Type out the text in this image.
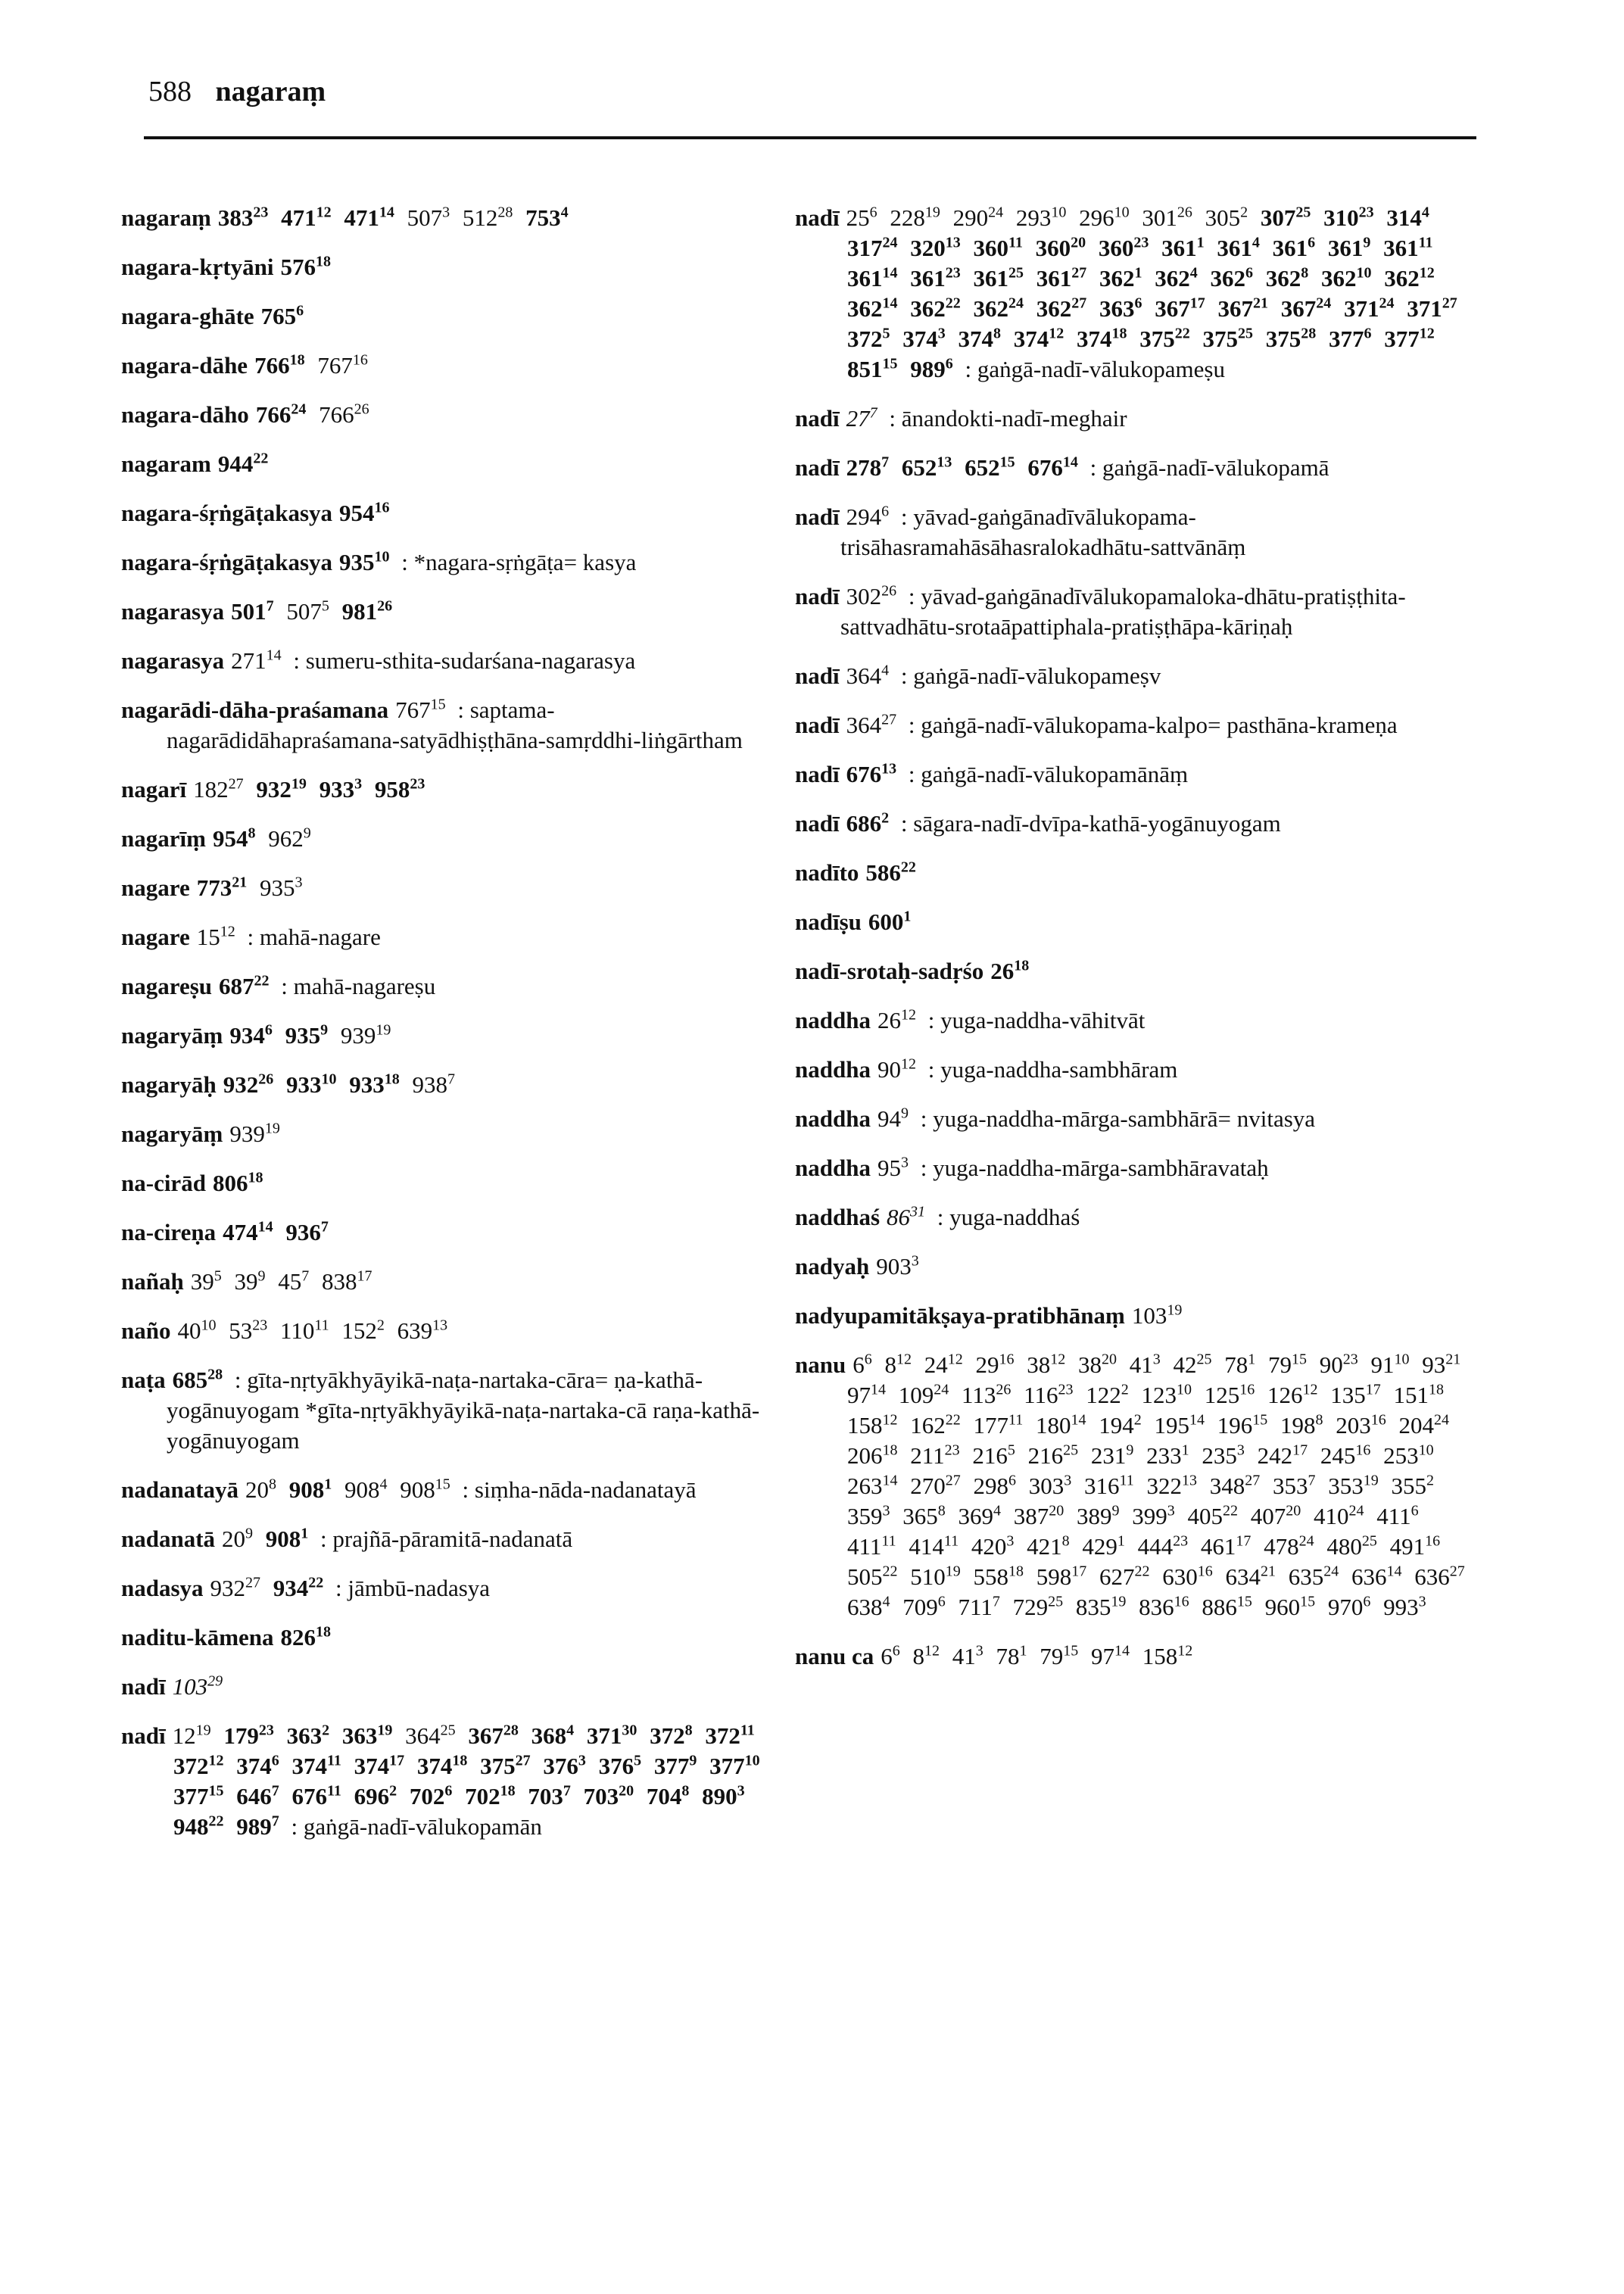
588 nagaraṃ
nagaraṃ $383^{23}$ $471^{12}$ $471^{14}$ $507^3$ $512^{28}$ $753^4$
nagara-kṛtyāni $576^{18}$
nagara-ghāte $765^6$
nagara-dāhe $766^{18}$ $767^{16}$
nagara-dāho $766^{24}$ $766^{26}$
nagaram $944^{22}$
nagara-śṛṅgāṭakasya $954^{16}$
nagara-śṛṅgāṭakasya $935^{10}$ : *nagara-sṛṅgāṭa= kasya
nagarasya $501^7$ $507^5$ $981^{26}$
nagarasya $271^{14}$ : sumeru-sthita-sudarśana-nagarasya
nagarādi-dāha-praśamana $767^{15}$ : saptama-nagarādidāhapraśamana-satyādhiṣṭhāna-samṛddhi-liṅgārtham
nagarī $182^{27}$ $932^{19}$ $933^3$ $958^{23}$
nagarīṃ $954^8$ $962^9$
nagare $773^{21}$ $935^3$
nagare $15^{12}$ : mahā-nagare
nagareṣu $687^{22}$ : mahā-nagareṣu
nagaryāṃ $934^6$ $935^9$ $939^{19}$
nagaryāḥ $932^{26}$ $933^{10}$ $933^{18}$ $938^7$
nagaryāṃ $939^{19}$
na-cirād $806^{18}$
na-cireṇa $474^{14}$ $936^7$
nañaḥ $39^5$ $39^9$ $45^7$ $838^{17}$
naño $40^{10}$ $53^{23}$ $110^{11}$ $152^2$ $639^{13}$
naṭa $685^{28}$ : gīta-nṛtyākhyāyikā-naṭa-nartaka-cāra= ṇa-kathā-yogānuyogam *gīta-nṛtyākhyāyikā-naṭa-nartaka-cā raṇa-kathā-yogānuyogam
nadanatayā $20^8$ $908^1$ $908^4$ $908^{15}$ : siṃha-nāda-nadanatayā
nadanatā $20^9$ $908^1$ : prajñā-pāramitā-nadanatā
nadasya $932^{27}$ $934^{22}$ : jāmbū-nadasya
naditu-kāmena $826^{18}$
nadī $103^{29}$
nadī $12^{19}$ $179^{23}$ $363^2$ $363^{19}$ $364^{25}$ $367^{28}$ $368^4$ $371^{30}$ $372^8$ $372^{11}$ $372^{12}$ $374^6$ $374^{11}$ $374^{17}$ $374^{18}$ $375^{27}$ $376^3$ $376^5$ $377^9$ $377^{10}$ $377^{15}$ $646^7$ $676^{11}$ $696^2$ $702^6$ $702^{18}$ $703^7$ $703^{20}$ $704^8$ $890^3$ $948^{22}$ $989^7$ : gaṅgā-nadī-vālukopamān
nadī $25^6$ $228^{19}$ $290^{24}$ $293^{10}$ $296^{10}$ $301^{26}$ $305^2$ $307^{25}$ $310^{23}$ $314^4$ $317^{24}$ $320^{13}$ $360^{11}$ $360^{20}$ $360^{23}$ $361^1$ $361^4$ $361^6$ $361^9$ $361^{11}$ $361^{14}$ $361^{23}$ $361^{25}$ $361^{27}$ $362^1$ $362^4$ $362^6$ $362^8$ $362^{10}$ $362^{12}$ $362^{14}$ $362^{22}$ $362^{24}$ $362^{27}$ $363^6$ $367^{17}$ $367^{21}$ $367^{24}$ $371^{24}$ $371^{27}$ $372^5$ $374^3$ $374^8$ $374^{12}$ $374^{18}$ $375^{22}$ $375^{25}$ $375^{28}$ $377^6$ $377^{12}$ $851^{15}$ $989^6$ : gaṅgā-nadī-vālukopameṣu
nadī $27^7$ : ānandokti-nadī-meghair
nadī $278^7$ $652^{13}$ $652^{15}$ $676^{14}$ : gaṅgā-nadī-vālukopamā
nadī $294^6$ : yāvad-gaṅgānadīvālukopama-trisāhasramahāsāhasralokadhātu-sattvānāṃ
nadī $302^{26}$ : yāvad-gaṅgānadīvālukopamaloka-dhātu-pratiṣṭhita-sattvadhātu-srotaāpattiphala-pratiṣṭhāpa-kāriṇaḥ
nadī $364^4$ : gaṅgā-nadī-vālukopameṣv
nadī $364^{27}$ : gaṅgā-nadī-vālukopama-kalpo= pasthāna-krameṇa
nadī $676^{13}$ : gaṅgā-nadī-vālukopamānāṃ
nadī $686^2$ : sāgara-nadī-dvīpa-kathā-yogānuyogam
nadīto $586^{22}$
nadīṣu $600^1$
nadī-srotaḥ-sadṛśo $26^{18}$
naddha $26^{12}$ : yuga-naddha-vāhitvāt
naddha $90^{12}$ : yuga-naddha-sambhāram
naddha $94^9$ : yuga-naddha-mārga-sambhārā= nvitasya
naddha $95^3$ : yuga-naddha-mārga-sambhāravataḥ
naddhaś $86^{31}$ : yuga-naddhaś
nadyaḥ $903^3$
nadyupamitākṣaya-pratibhānaṃ $103^{19}$
nanu $6^6$ $8^{12}$ $24^{12}$ $29^{16}$ $38^{12}$ $38^{20}$ $41^3$ $42^{25}$ $78^1$ $79^{15}$ $90^{23}$ $91^{10}$ $93^{21}$ $97^{14}$ $109^{24}$ $113^{26}$ $116^{23}$ $122^2$ $123^{10}$ $125^{16}$ $126^{12}$ $135^{17}$ $151^{18}$ $158^{12}$ $162^{22}$ $177^{11}$ $180^{14}$ $194^2$ $195^{14}$ $196^{15}$ $198^8$ $203^{16}$ $204^{24}$ $206^{18}$ $211^{23}$ $216^5$ $216^{25}$ $231^9$ $233^1$ $235^3$ $242^{17}$ $245^{16}$ $253^{10}$ $263^{14}$ $270^{27}$ $298^6$ $303^3$ $316^{11}$ $322^{13}$ $348^{27}$ $353^7$ $353^{19}$ $355^2$ $359^3$ $365^8$ $369^4$ $387^{20}$ $389^9$ $399^3$ $405^{22}$ $407^{20}$ $410^{24}$ $411^6$ $411^{11}$ $414^{11}$ $420^3$ $421^8$ $429^1$ $444^{23}$ $461^{17}$ $478^{24}$ $480^{25}$ $491^{16}$ $505^{22}$ $510^{19}$ $558^{18}$ $598^{17}$ $627^{22}$ $630^{16}$ $634^{21}$ $635^{24}$ $636^{14}$ $636^{27}$ $638^4$ $709^6$ $711^7$ $729^{25}$ $835^{19}$ $836^{16}$ $886^{15}$ $960^{15}$ $970^6$ $993^3$
nanu ca $6^6$ $8^{12}$ $41^3$ $78^1$ $79^{15}$ $97^{14}$ $158^{12}$
